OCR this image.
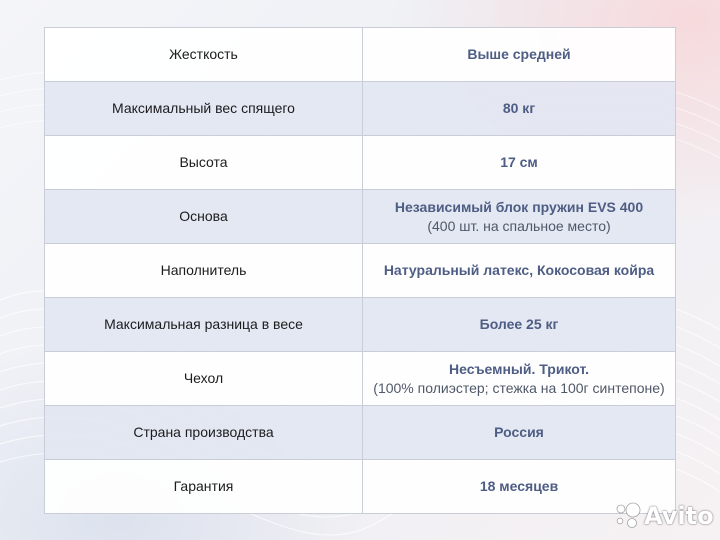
Жесткость	Выше средней

Максимальный вес спящего	80 кг

Высота	17 см

Основа	Независимый блок пружин EVS 400
(400 шт. на спальное место)

Наполнитель	Натуральный латекс, Кокосовая койра

Максимальная разница в весе	Более 25 кг

Чехол	Несъемный. Трикот.
(100% полиэстер; стежка на 100г синтепоне)

Страна производства	Россия

Гарантия	18 месяцев
Avito
